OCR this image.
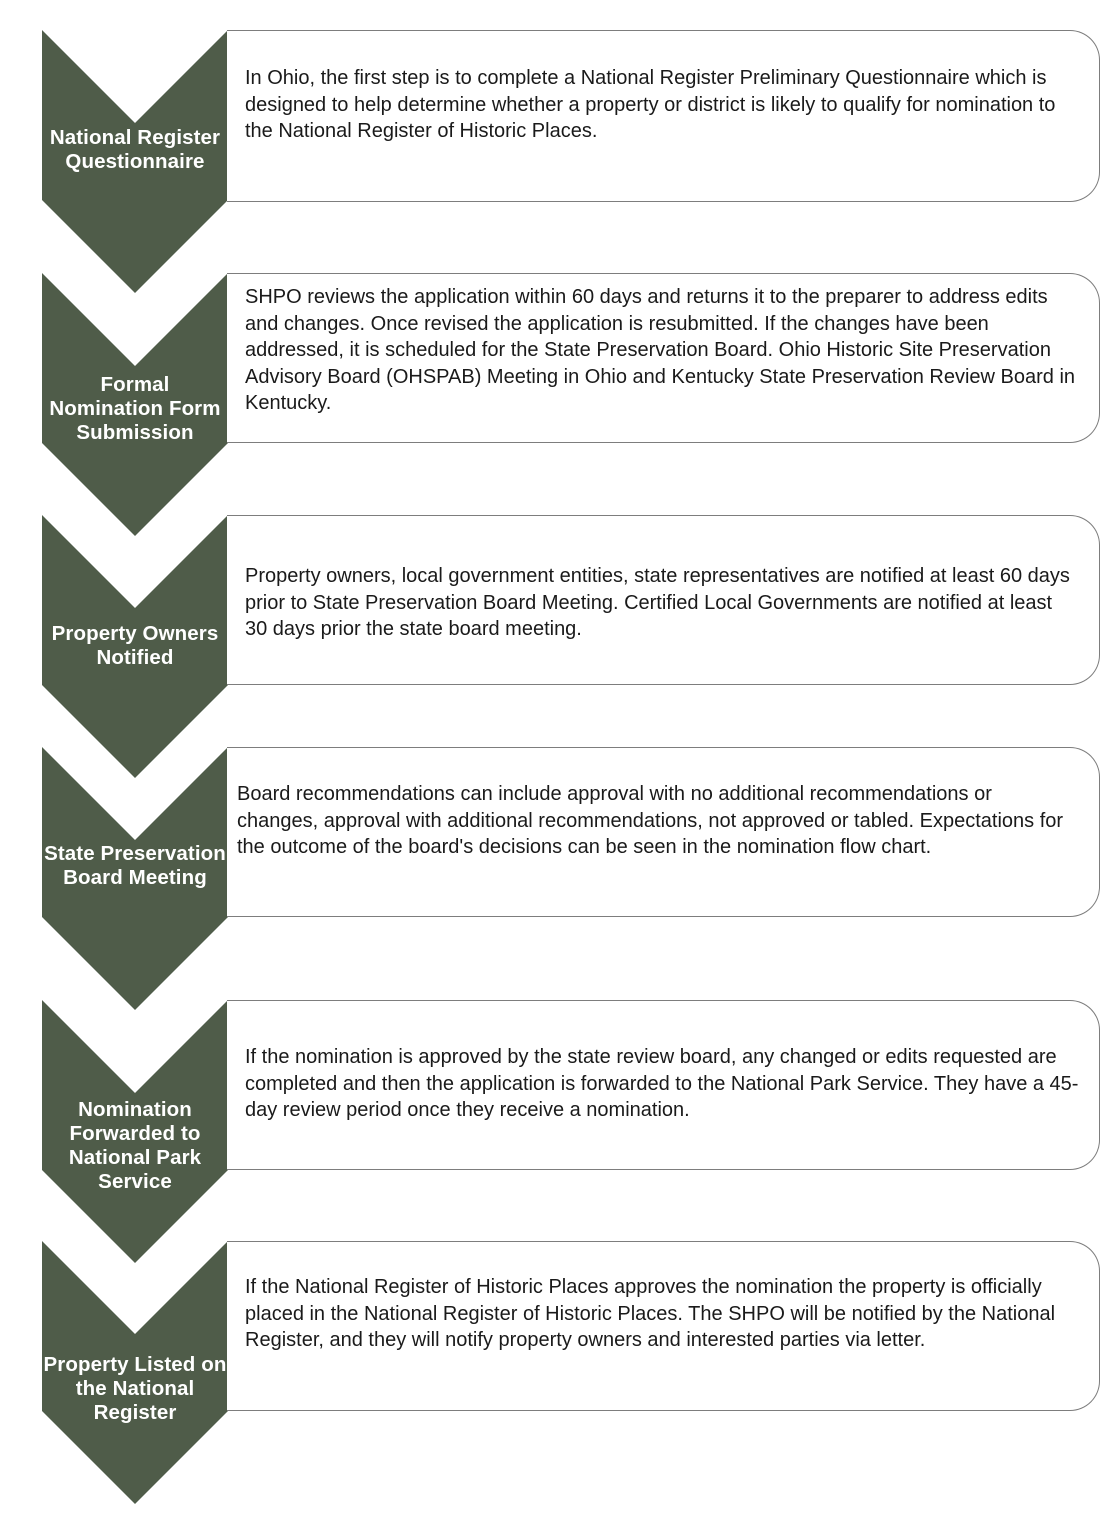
National Register Questionnaire

In Ohio, the first step is to complete a National Register Preliminary Questionnaire which is designed to help determine whether a property or district is likely to qualify for nomination to the National Register of Historic Places.

Formal Nomination Form Submission

SHPO reviews the application within 60 days and returns it to the preparer to address edits and changes. Once revised the application is resubmitted. If the changes have been addressed, it is scheduled for the State Preservation Board. Ohio Historic Site Preservation Advisory Board (OHSPAB) Meeting in Ohio and Kentucky State Preservation Review Board in Kentucky.

Property Owners Notified

Property owners, local government entities, state representatives are notified at least 60 days prior to State Preservation Board Meeting. Certified Local Governments are notified at least 30 days prior the state board meeting.

State Preservation Board Meeting

Board recommendations can include approval with no additional recommendations or changes, approval with additional recommendations, not approved or tabled. Expectations for the outcome of the board's decisions can be seen in the nomination flow chart.

Nomination Forwarded to National Park Service

If the nomination is approved by the state review board, any changed or edits requested are completed and then the application is forwarded to the National Park Service. They have a 45-day review period once they receive a nomination.

Property Listed on the National Register

If the National Register of Historic Places approves the nomination the property is officially placed in the National Register of Historic Places. The SHPO will be notified by the National Register, and they will notify property owners and interested parties via letter.
